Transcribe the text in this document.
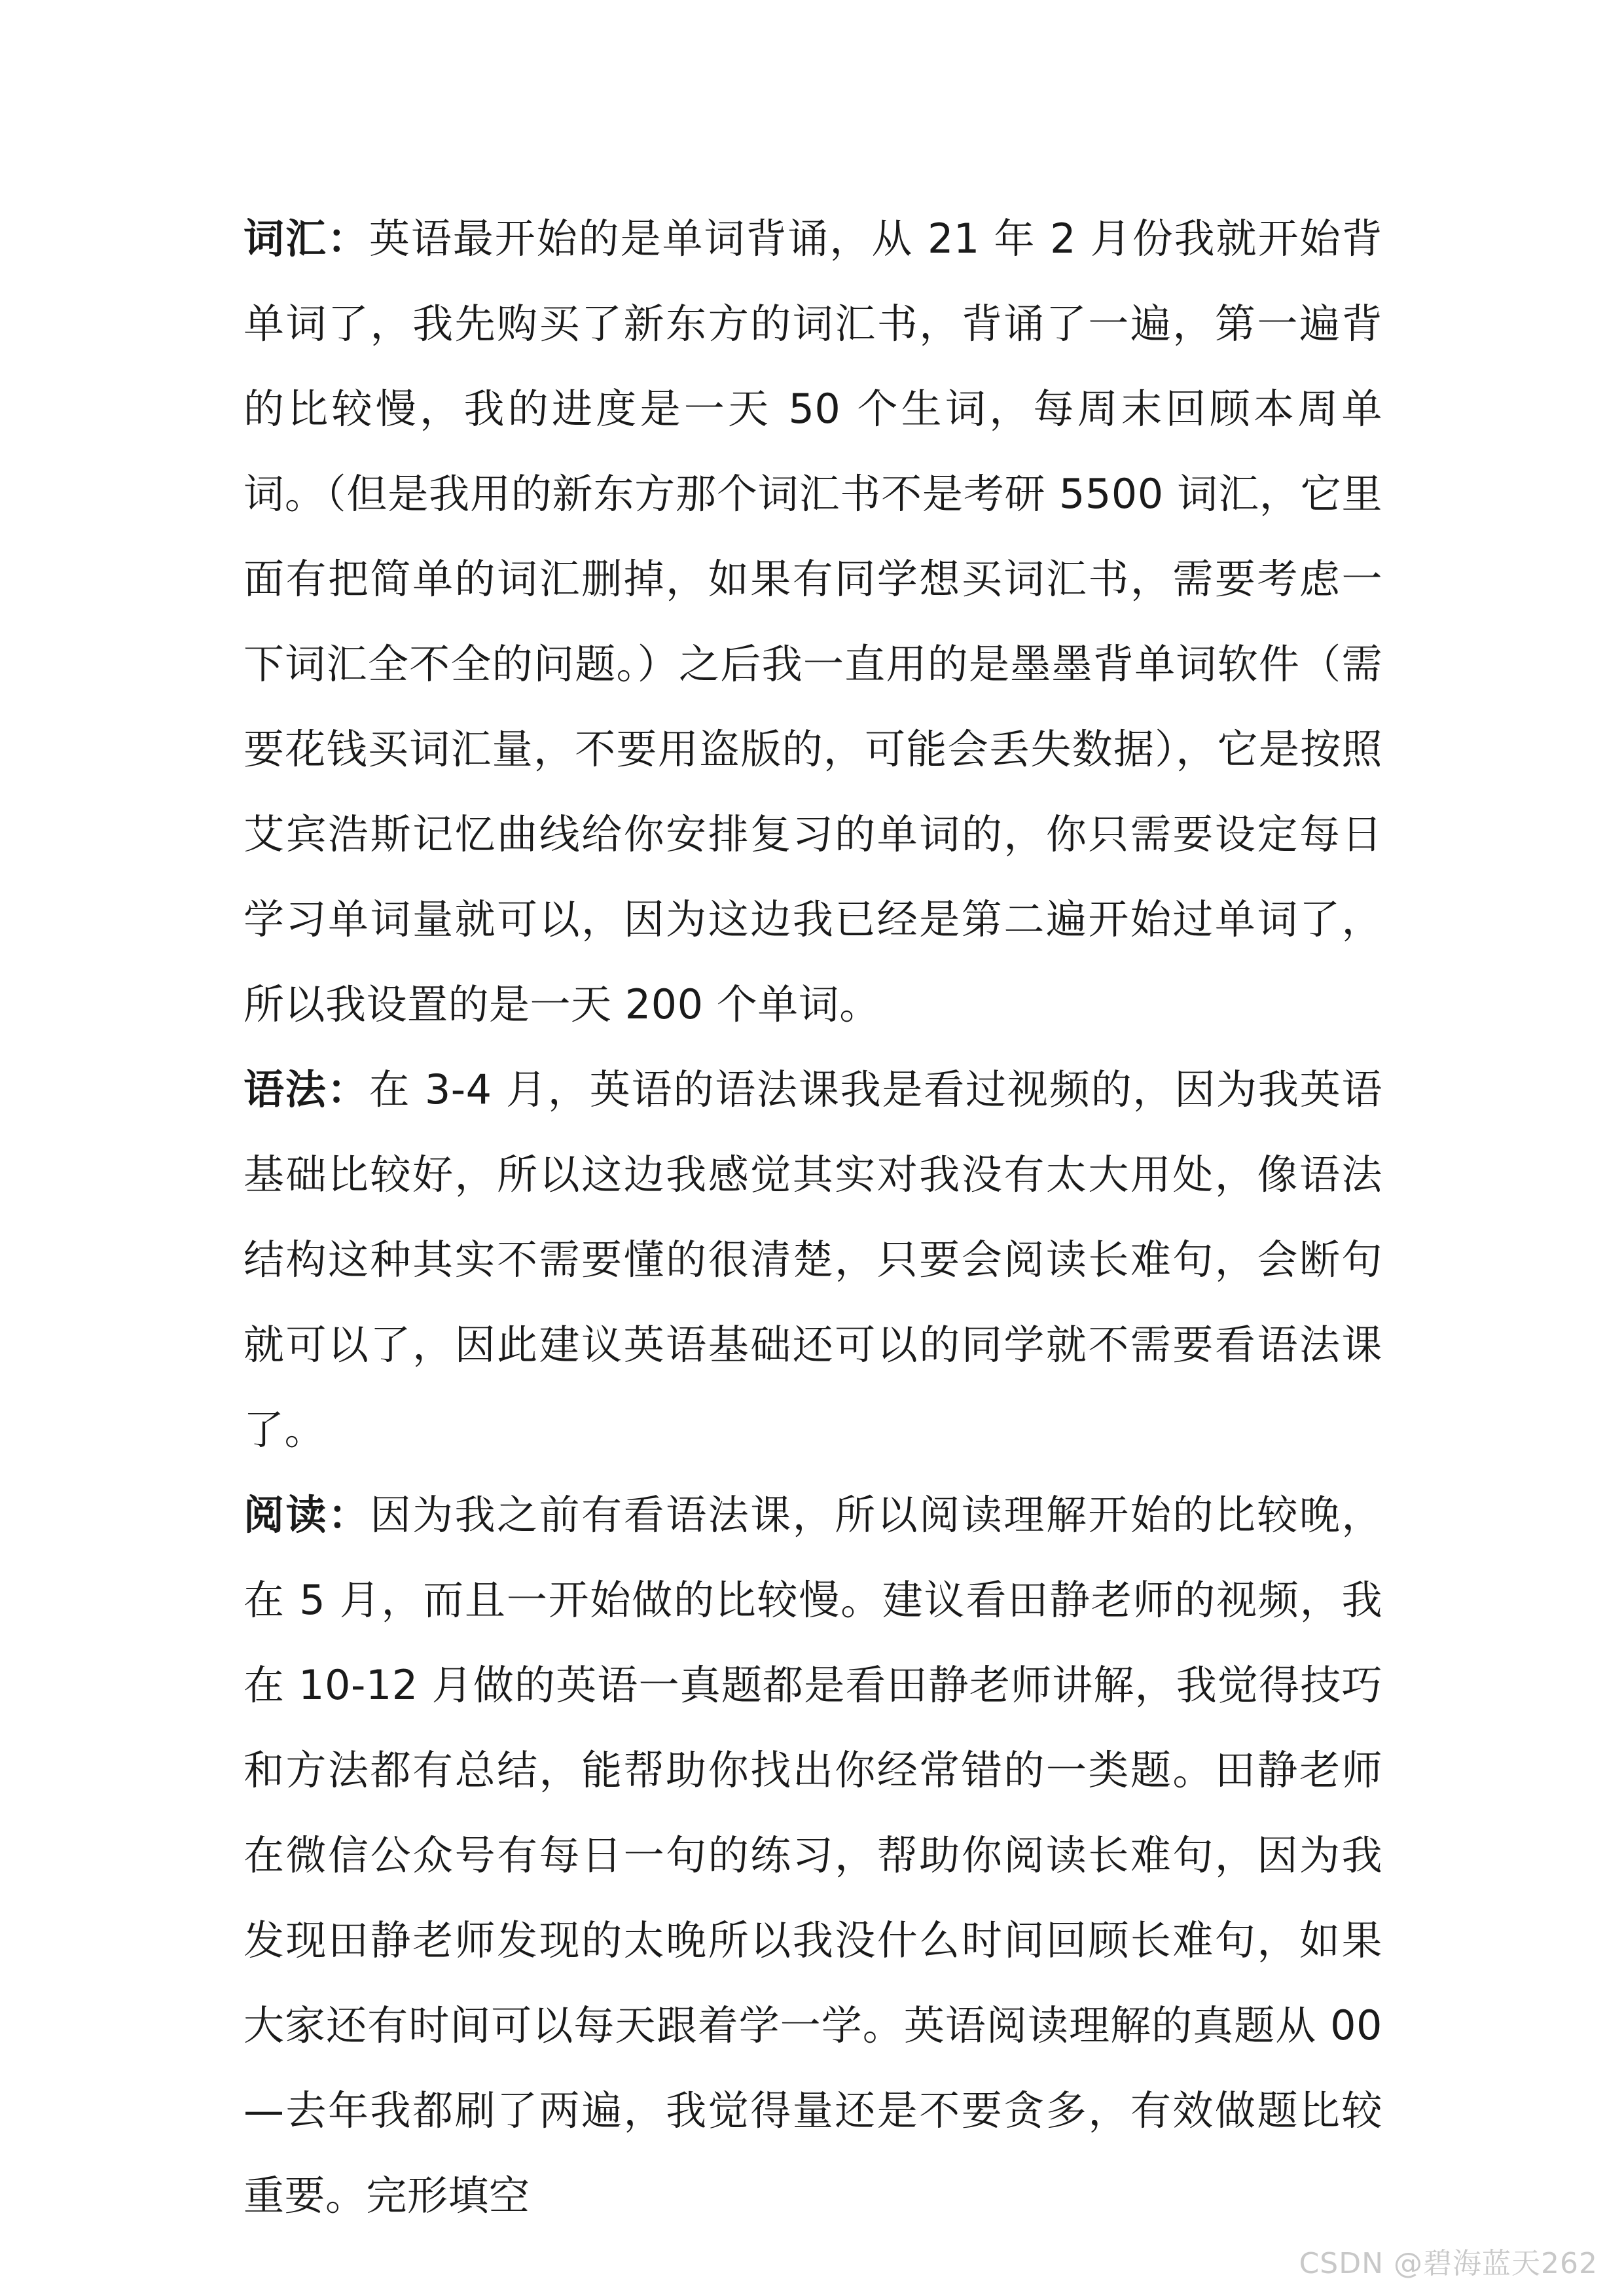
词汇：英语最开始的是单词背诵，从 21 年 2 月份我就开始背单词了，我先购买了新东方的词汇书，背诵了一遍，第一遍背的比较慢，我的进度是一天 50 个生词，每周末回顾本周单词。（但是我用的新东方那个词汇书不是考研 5500 词汇，它里面有把简单的词汇删掉，如果有同学想买词汇书，需要考虑一下词汇全不全的问题。）之后我一直用的是墨墨背单词软件（需要花钱买词汇量，不要用盗版的，可能会丢失数据），它是按照艾宾浩斯记忆曲线给你安排复习的单词的，你只需要设定每日学习单词量就可以，因为这边我已经是第二遍开始过单词了，所以我设置的是一天 200 个单词。

语法：在 3-4 月，英语的语法课我是看过视频的，因为我英语基础比较好，所以这边我感觉其实对我没有太大用处，像语法结构这种其实不需要懂的很清楚，只要会阅读长难句，会断句就可以了，因此建议英语基础还可以的同学就不需要看语法课了。

阅读：因为我之前有看语法课，所以阅读理解开始的比较晚，在 5 月，而且一开始做的比较慢。建议看田静老师的视频，我在 10-12 月做的英语一真题都是看田静老师讲解，我觉得技巧和方法都有总结，能帮助你找出你经常错的一类题。田静老师在微信公众号有每日一句的练习，帮助你阅读长难句，因为我发现田静老师发现的太晚所以我没什么时间回顾长难句，如果大家还有时间可以每天跟着学一学。英语阅读理解的真题从 00—去年我都刷了两遍，我觉得量还是不要贪多，有效做题比较重要。完形填空

CSDN @碧海蓝天262
